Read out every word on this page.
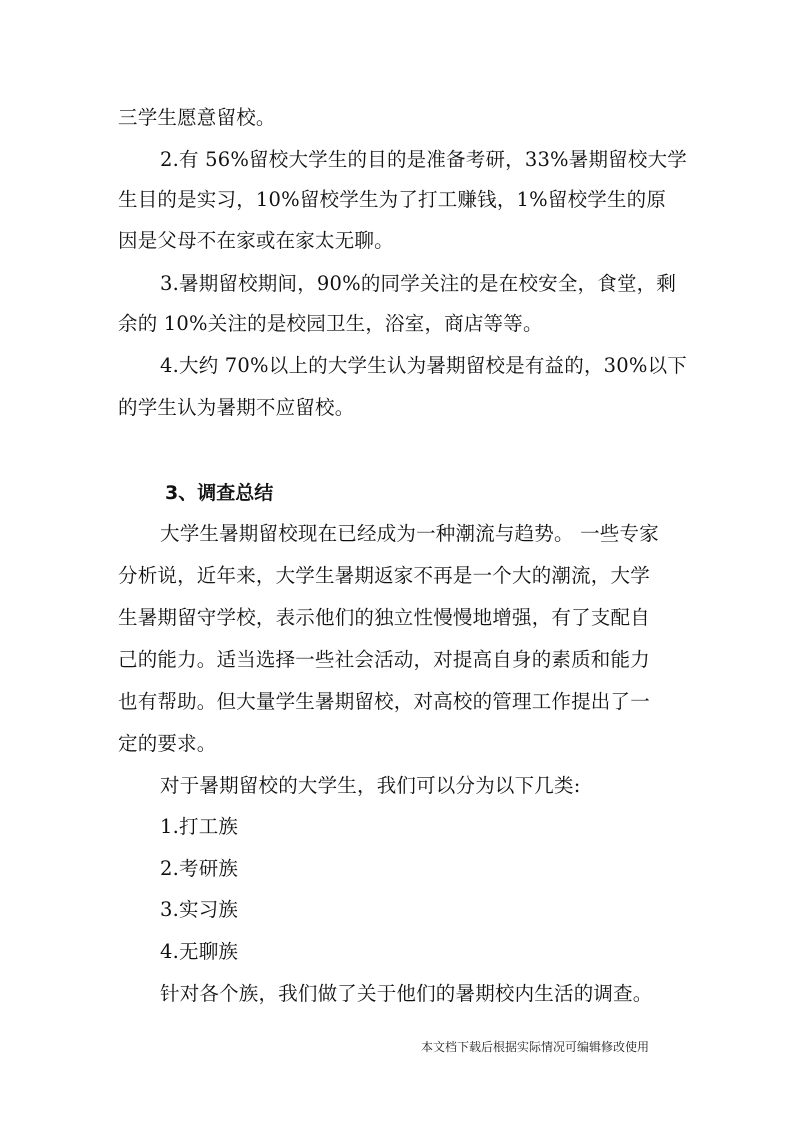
三学生愿意留校。
2.有 56%留校大学生的目的是准备考研，33%暑期留校大学
生目的是实习，10%留校学生为了打工赚钱，1%留校学生的原
因是父母不在家或在家太无聊。
3.暑期留校期间，90%的同学关注的是在校安全，食堂，剩
余的 10%关注的是校园卫生，浴室，商店等等。
4.大约 70%以上的大学生认为暑期留校是有益的，30%以下
的学生认为暑期不应留校。
3、调查总结
大学生暑期留校现在已经成为一种潮流与趋势。 一些专家
分析说，近年来，大学生暑期返家不再是一个大的潮流，大学
生暑期留守学校，表示他们的独立性慢慢地增强，有了支配自
己的能力。适当选择一些社会活动，对提高自身的素质和能力
也有帮助。但大量学生暑期留校，对高校的管理工作提出了一
定的要求。
对于暑期留校的大学生，我们可以分为以下几类:
1.打工族
2.考研族
3.实习族
4.无聊族
针对各个族，我们做了关于他们的暑期校内生活的调查。
本文档下载后根据实际情况可编辑修改使用
